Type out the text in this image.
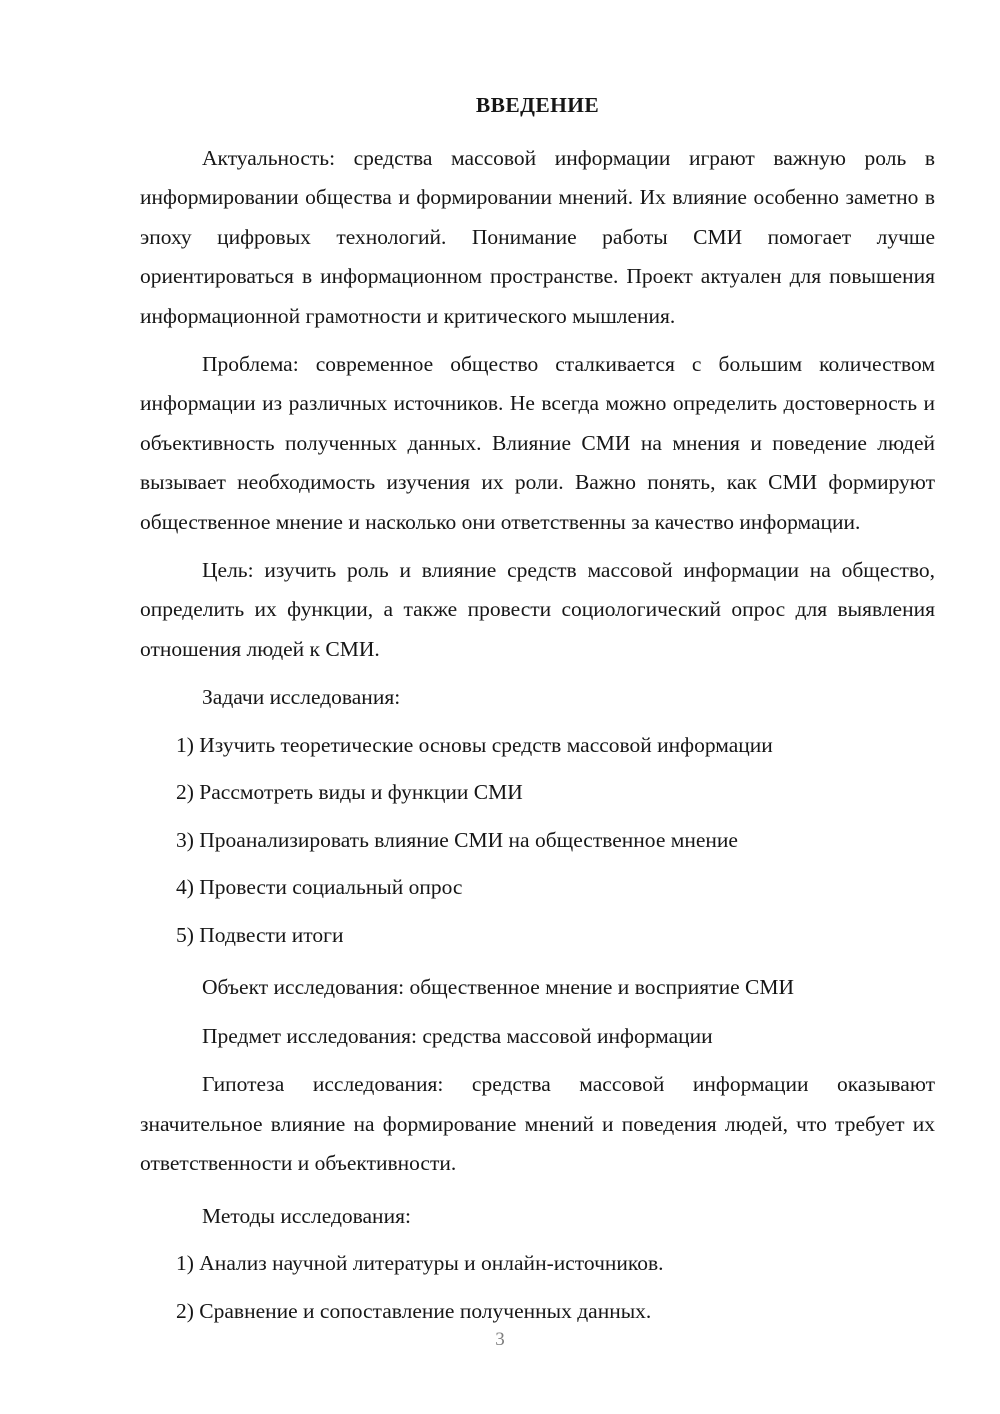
ВВЕДЕНИЕ

Актуальность: средства массовой информации играют важную роль в информировании общества и формировании мнений. Их влияние особенно заметно в эпоху цифровых технологий. Понимание работы СМИ помогает лучше ориентироваться в информационном пространстве. Проект актуален для повышения информационной грамотности и критического мышления.

Проблема: современное общество сталкивается с большим количеством информации из различных источников. Не всегда можно определить достоверность и объективность полученных данных. Влияние СМИ на мнения и поведение людей вызывает необходимость изучения их роли. Важно понять, как СМИ формируют общественное мнение и насколько они ответственны за качество информации.

Цель: изучить роль и влияние средств массовой информации на общество, определить их функции, а также провести социологический опрос для выявления отношения людей к СМИ.

Задачи исследования:

1) Изучить теоретические основы средств массовой информации
2) Рассмотреть виды и функции СМИ
3) Проанализировать влияние СМИ на общественное мнение
4) Провести социальный опрос
5) Подвести итоги

Объект исследования: общественное мнение и восприятие СМИ

Предмет исследования: средства массовой информации

Гипотеза исследования: средства массовой информации оказывают значительное влияние на формирование мнений и поведения людей, что требует их ответственности и объективности.

Методы исследования:

1) Анализ научной литературы и онлайн-источников.
2) Сравнение и сопоставление полученных данных.
3
